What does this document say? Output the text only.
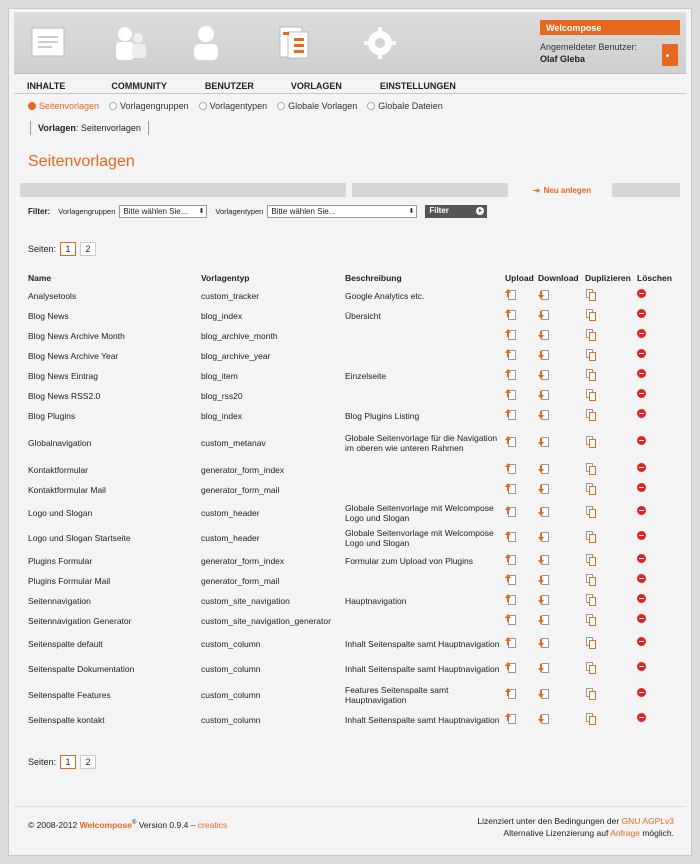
Welcompose
Angemeldeter Benutzer:
Olaf Gleba
INHALTE	COMMUNITY	BENUTZER	VORLAGEN	EINSTELLUNGEN
Seitenvorlagen Vorlagengruppen Vorlagentypen Globale Vorlagen Globale Dateien
Vorlagen: Seitenvorlagen
Seitenvorlagen
⇥ Neu anlegen
Filter: Vorlagengruppen	Bitte wählen Sie... ⬍ Vorlagentypen	Bitte wählen Sie...	⬍	Filter	▸
Seiten:	1	2
Name	Vorlagentyp	Beschreibung	Upload	Download	Duplizieren	Löschen
Analysetools	custom_tracker	Google Analytics etc.	

Blog News	blog_index	Übersicht	

Blog News Archive Month	blog_archive_month		

Blog News Archive Year	blog_archive_year		

Blog News Eintrag	blog_item	Einzelseite	

Blog News RSS2.0	blog_rss20		

Blog Plugins	blog_index	Blog Plugins Listing	

Globalnavigation	custom_metanav	Globale Seitenvorlage für die Navigation im oberen wie unteren Rahmen	

Kontaktformular	generator_form_index		

Kontaktformular Mail	generator_form_mail		

Logo und Slogan	custom_header	Globale Seitenvorlage mit Welcompose Logo und Slogan	

Logo und Slogan Startseite	custom_header	Globale Seitenvorlage mit Welcompose Logo und Slogan	

Plugins Formular	generator_form_index	Formular zum Upload von Plugins	

Plugins Formular Mail	generator_form_mail		

Seitennavigation	custom_site_navigation	Hauptnavigation	

Seitennavigation Generator	custom_site_navigation_generator		

Seitenspalte default	custom_column	Inhalt Seitenspalte samt Hauptnavigation	

Seitenspalte Dokumentation	custom_column	Inhalt Seitenspalte samt Hauptnavigation	

Seitenspalte Features	custom_column	Features Seitenspalte samt Hauptnavigation	

Seitenspalte kontakt	custom_column	Inhalt Seitenspalte samt Hauptnavigation	

Seiten:	1	2
© 2008-2012 Welcompose® Version 0.9.4 – creatics	Lizenziert unter den Bedingungen der GNU AGPLv3
Alternative Lizenzierung auf Anfrage möglich.
